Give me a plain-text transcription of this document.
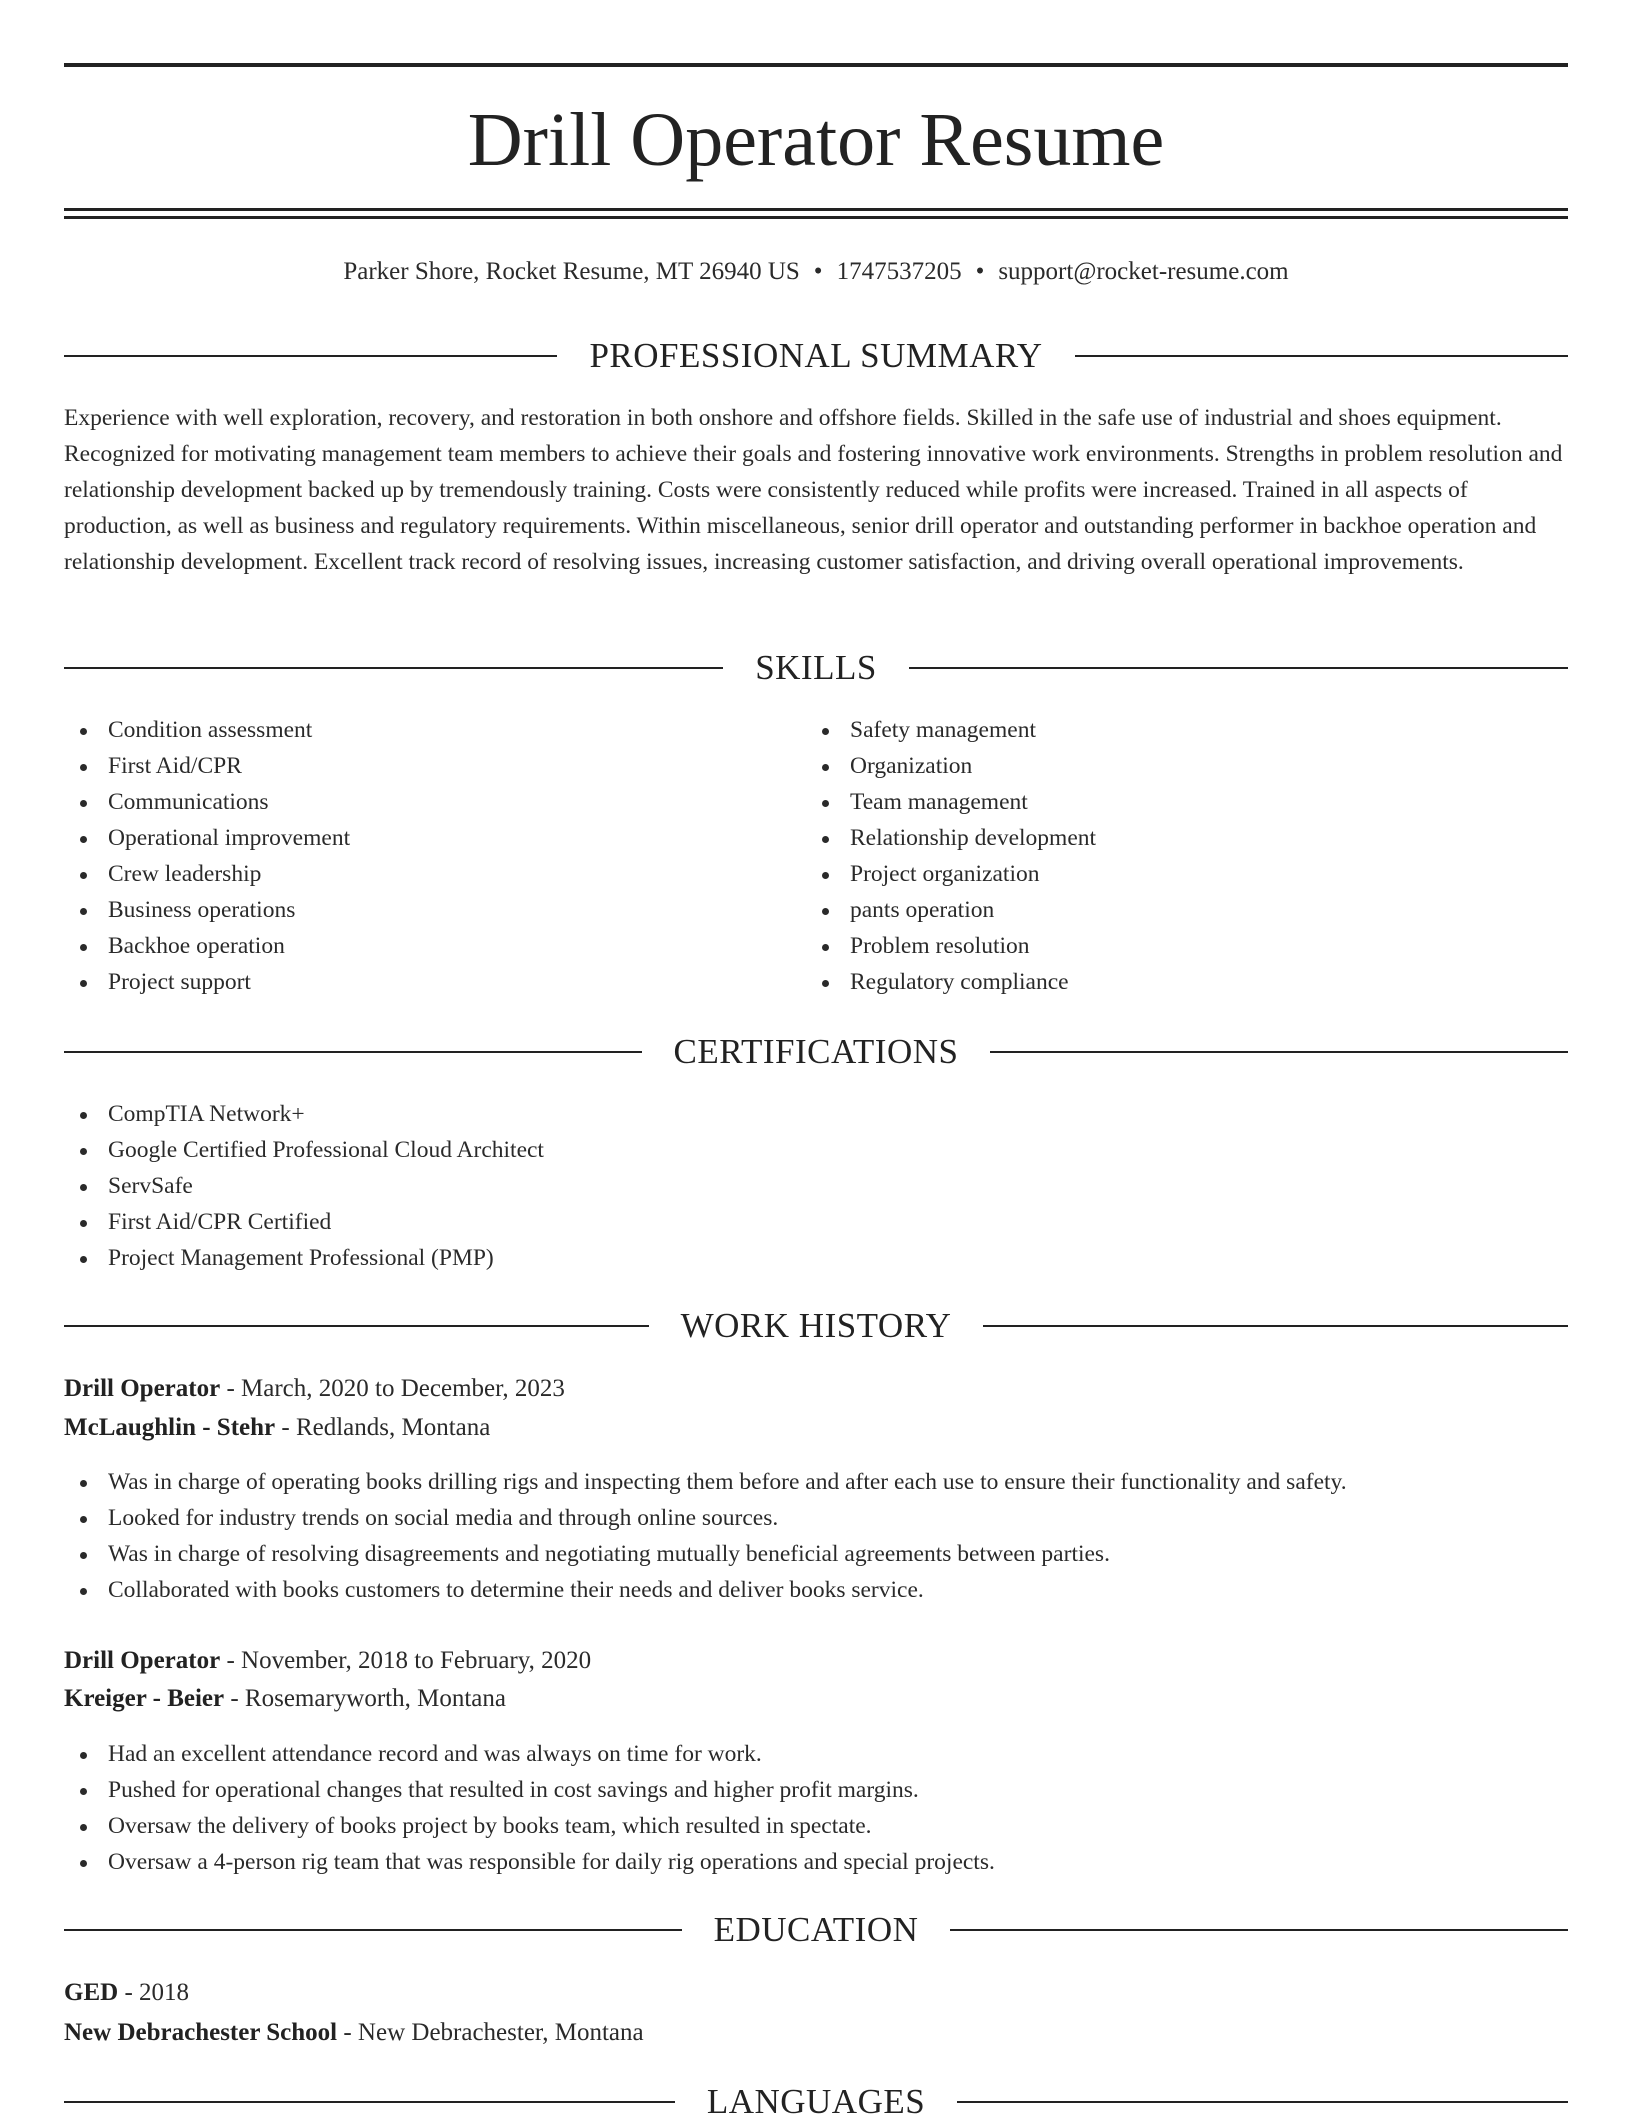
Drill Operator Resume
Parker Shore, Rocket Resume, MT 26940 US • 1747537205 • support@rocket-resume.com
PROFESSIONAL SUMMARY

Experience with well exploration, recovery, and restoration in both onshore and offshore fields. Skilled in the safe use of industrial and shoes equipment. Recognized for motivating management team members to achieve their goals and fostering innovative work environments. Strengths in problem resolution and relationship development backed up by tremendously training. Costs were consistently reduced while profits were increased. Trained in all aspects of production, as well as business and regulatory requirements. Within miscellaneous, senior drill operator and outstanding performer in backhoe operation and relationship development. Excellent track record of resolving issues, increasing customer satisfaction, and driving overall operational improvements.

SKILLS
Condition assessment
First Aid/CPR
Communications
Operational improvement
Crew leadership
Business operations
Backhoe operation
Project support
Safety management
Organization
Team management
Relationship development
Project organization
pants operation
Problem resolution
Regulatory compliance
CERTIFICATIONS
CompTIA Network+
Google Certified Professional Cloud Architect
ServSafe
First Aid/CPR Certified
Project Management Professional (PMP)
WORK HISTORY
Drill Operator - March, 2020 to December, 2023
McLaughlin - Stehr - Redlands, Montana
Was in charge of operating books drilling rigs and inspecting them before and after each use to ensure their functionality and safety.
Looked for industry trends on social media and through online sources.
Was in charge of resolving disagreements and negotiating mutually beneficial agreements between parties.
Collaborated with books customers to determine their needs and deliver books service.
Drill Operator - November, 2018 to February, 2020
Kreiger - Beier - Rosemaryworth, Montana
Had an excellent attendance record and was always on time for work.
Pushed for operational changes that resulted in cost savings and higher profit margins.
Oversaw the delivery of books project by books team, which resulted in spectate.
Oversaw a 4-person rig team that was responsible for daily rig operations and special projects.
EDUCATION
GED - 2018
New Debrachester School - New Debrachester, Montana
LANGUAGES
